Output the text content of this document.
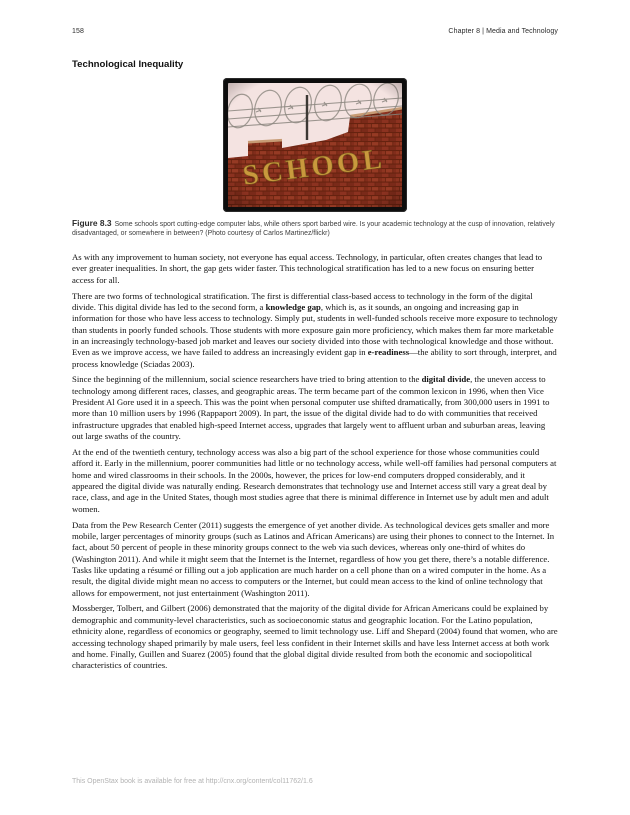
158	Chapter 8 | Media and Technology
Technological Inequality
Figure 8.3 Some schools sport cutting-edge computer labs, while others sport barbed wire. Is your academic technology at the cusp of innovation, relatively disadvantaged, or somewhere in between? (Photo courtesy of Carlos Martinez/flickr)

As with any improvement to human society, not everyone has equal access. Technology, in particular, often creates changes that lead to ever greater inequalities. In short, the gap gets wider faster. This technological stratification has led to a new focus on ensuring better access for all.

There are two forms of technological stratification. The first is differential class-based access to technology in the form of the digital divide. This digital divide has led to the second form, a knowledge gap, which is, as it sounds, an ongoing and increasing gap in information for those who have less access to technology. Simply put, students in well-funded schools receive more exposure to technology than students in poorly funded schools. Those students with more exposure gain more proficiency, which makes them far more marketable in an increasingly technology-based job market and leaves our society divided into those with technological knowledge and those without. Even as we improve access, we have failed to address an increasingly evident gap in e-readiness—the ability to sort through, interpret, and process knowledge (Sciadas 2003).

Since the beginning of the millennium, social science researchers have tried to bring attention to the digital divide, the uneven access to technology among different races, classes, and geographic areas. The term became part of the common lexicon in 1996, when then Vice President Al Gore used it in a speech. This was the point when personal computer use shifted dramatically, from 300,000 users in 1991 to more than 10 million users by 1996 (Rappaport 2009). In part, the issue of the digital divide had to do with communities that received infrastructure upgrades that enabled high-speed Internet access, upgrades that largely went to affluent urban and suburban areas, leaving out large swaths of the country.

At the end of the twentieth century, technology access was also a big part of the school experience for those whose communities could afford it. Early in the millennium, poorer communities had little or no technology access, while well-off families had personal computers at home and wired classrooms in their schools. In the 2000s, however, the prices for low-end computers dropped considerably, and it appeared the digital divide was naturally ending. Research demonstrates that technology use and Internet access still vary a great deal by race, class, and age in the United States, though most studies agree that there is minimal difference in Internet use by adult men and adult women.

Data from the Pew Research Center (2011) suggests the emergence of yet another divide. As technological devices gets smaller and more mobile, larger percentages of minority groups (such as Latinos and African Americans) are using their phones to connect to the Internet. In fact, about 50 percent of people in these minority groups connect to the web via such devices, whereas only one-third of whites do (Washington 2011). And while it might seem that the Internet is the Internet, regardless of how you get there, there’s a notable difference. Tasks like updating a résumé or filling out a job application are much harder on a cell phone than on a wired computer in the home. As a result, the digital divide might mean no access to computers or the Internet, but could mean access to the kind of online technology that allows for empowerment, not just entertainment (Washington 2011).

Mossberger, Tolbert, and Gilbert (2006) demonstrated that the majority of the digital divide for African Americans could be explained by demographic and community-level characteristics, such as socioeconomic status and geographic location. For the Latino population, ethnicity alone, regardless of economics or geography, seemed to limit technology use. Liff and Shepard (2004) found that women, who are accessing technology shaped primarily by male users, feel less confident in their Internet skills and have less Internet access at both work and home. Finally, Guillen and Suarez (2005) found that the global digital divide resulted from both the economic and sociopolitical characteristics of countries.

This OpenStax book is available for free at http://cnx.org/content/col11762/1.6
